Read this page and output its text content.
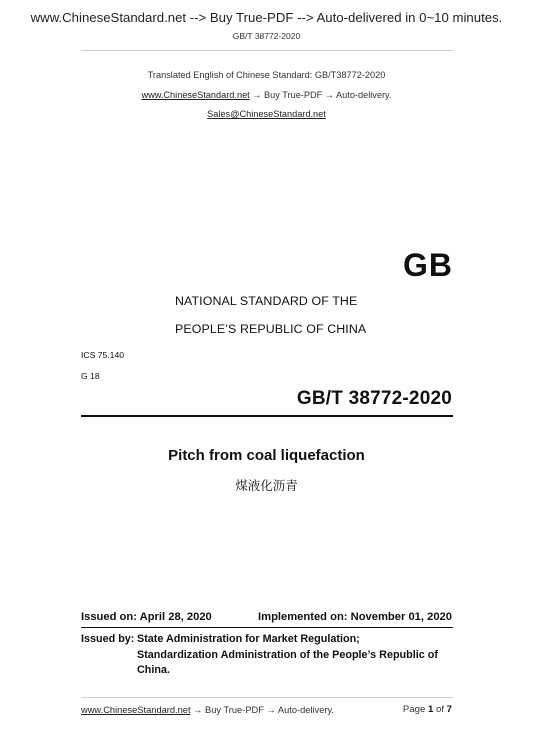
www.ChineseStandard.net --> Buy True-PDF --> Auto-delivered in 0~10 minutes.
GB/T 38772-2020
Translated English of Chinese Standard: GB/T38772-2020
www.ChineseStandard.net → Buy True-PDF → Auto-delivery.
Sales@ChineseStandard.net
GB
NATIONAL STANDARD OF THE
PEOPLE’S REPUBLIC OF CHINA
ICS 75.140
G 18
GB/T 38772-2020
Pitch from coal liquefaction
煤液化沥青
Issued on: April 28, 2020	Implemented on: November 01, 2020
Issued by: State Administration for Market Regulation;
Standardization Administration of the People’s Republic of
China.
www.ChineseStandard.net → Buy True-PDF → Auto-delivery.	Page 1 of 7
